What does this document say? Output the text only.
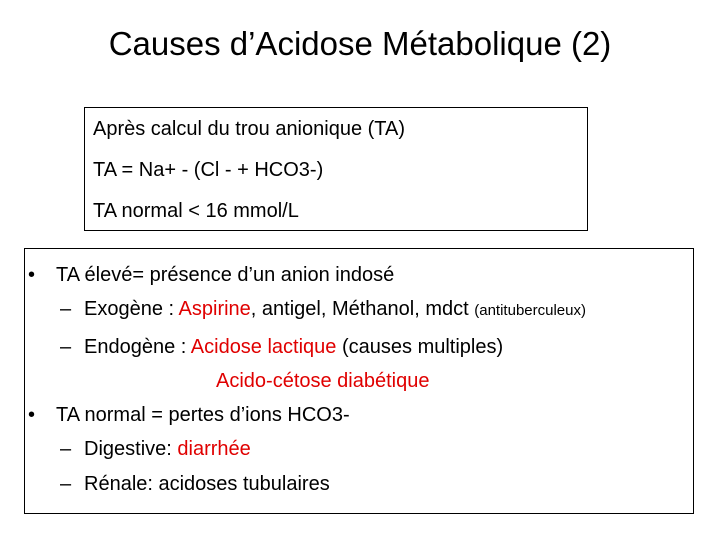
Causes d’Acidose Métabolique (2)
Après calcul du trou anionique (TA)
TA = Na+ - (Cl - + HCO3-)
TA normal < 16 mmol/L
• TA élevé= présence d’un anion indosé
– Exogène : Aspirine, antigel, Méthanol, mdct (antituberculeux)
– Endogène : Acidose lactique (causes multiples)
Acido-cétose diabétique
• TA normal = pertes d’ions HCO3-
– Digestive: diarrhée
– Rénale: acidoses tubulaires
